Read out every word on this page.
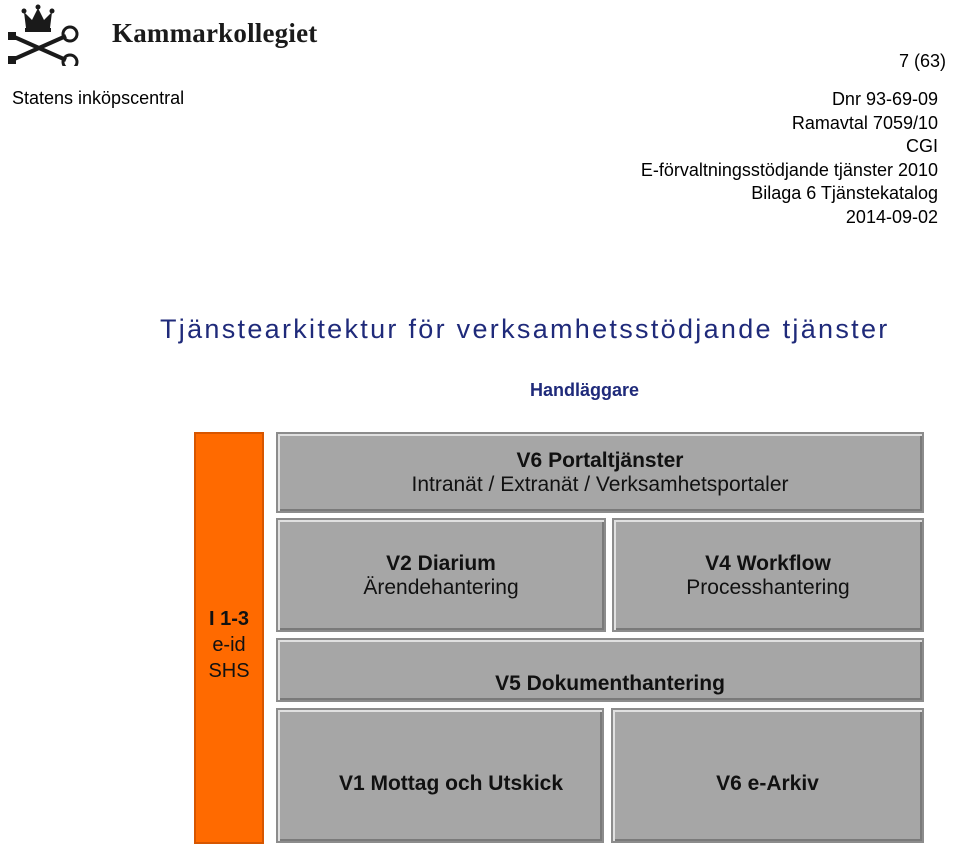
Kammarkollegiet
7 (63)
Statens inköpscentral	Dnr 93-69-09
Ramavtal 7059/10
CGI
E-förvaltningsstödjande tjänster 2010
Bilaga 6 Tjänstekatalog
2014-09-02
Tjänstearkitektur för verksamhetsstödjande tjänster
Handläggare
I 1-3
e-id
SHS
V6 Portaltjänster
Intranät / Extranät / Verksamhetsportaler
V2 Diarium
Ärendehantering
V4 Workflow
Processhantering
V5 Dokumenthantering
V1 Mottag och Utskick	V6 e-Arkiv
